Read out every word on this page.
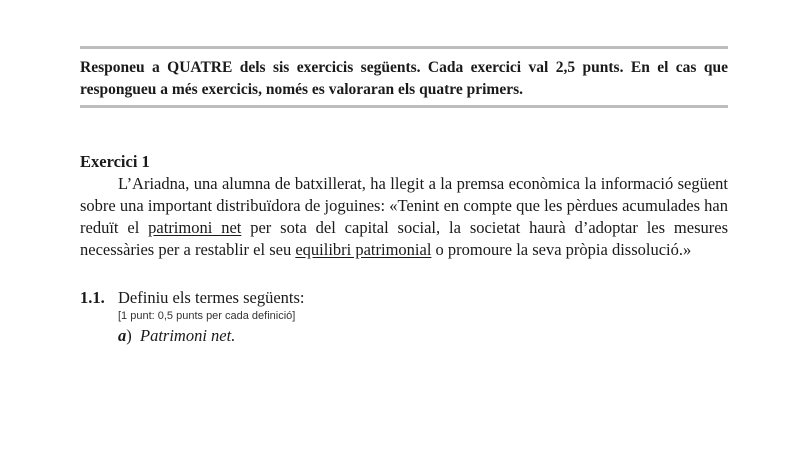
Responeu a QUATRE dels sis exercicis següents. Cada exercici val 2,5 punts. En el cas que respongueu a més exercicis, només es valoraran els quatre primers.
Exercici 1
L’Ariadna, una alumna de batxillerat, ha llegit a la premsa econòmica la informació següent sobre una important distribuïdora de joguines: «Tenint en compte que les pèrdues acumulades han reduït el patrimoni net per sota del capital social, la societat haurà d’adoptar les mesures necessàries per a restablir el seu equilibri patrimonial o promoure la seva pròpia dissolució.»
1.1. Definiu els termes següents:
[1 punt: 0,5 punts per cada definició]
a) Patrimoni net.
